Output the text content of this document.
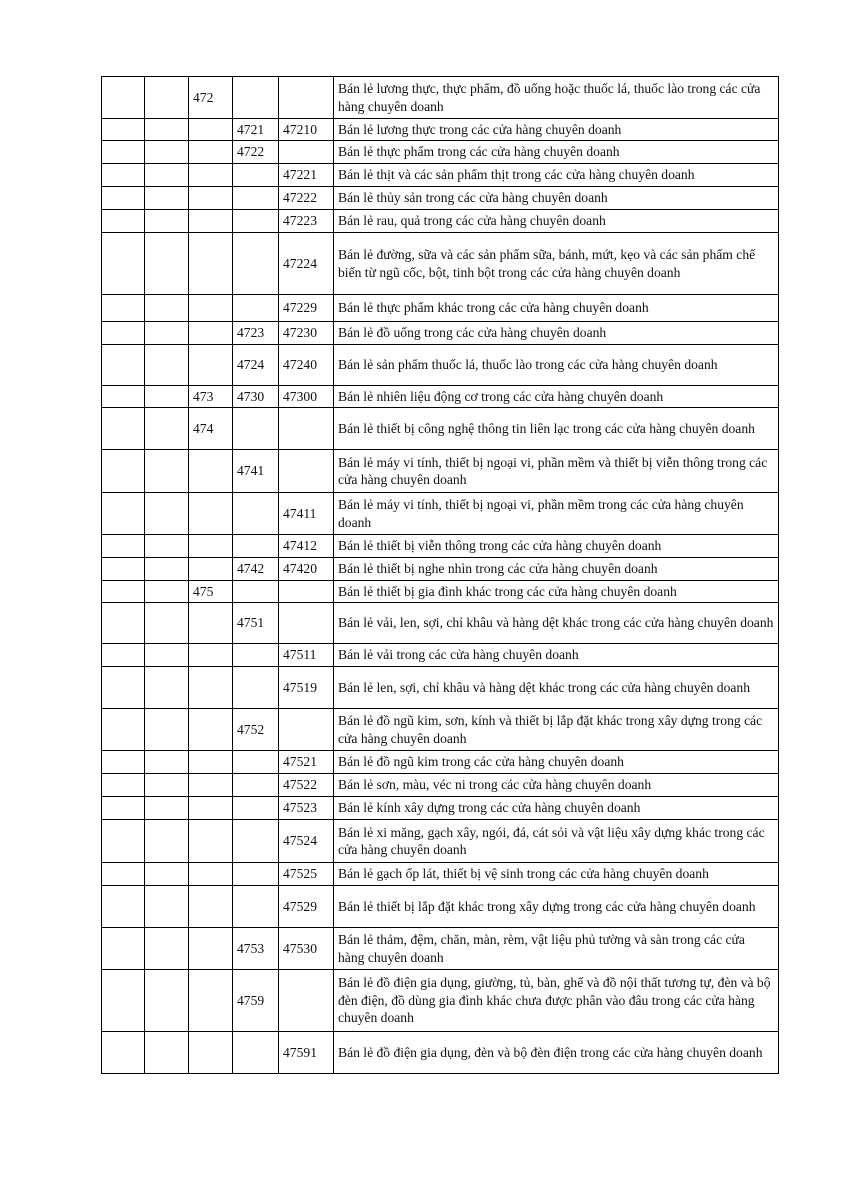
		472			Bán lẻ lương thực, thực phẩm, đồ uống hoặc thuốc lá, thuốc lào trong các cửa hàng chuyên doanh
			4721	47210	Bán lẻ lương thực trong các cửa hàng chuyên doanh
			4722		Bán lẻ thực phẩm trong các cửa hàng chuyên doanh
				47221	Bán lẻ thịt và các sản phẩm thịt trong các cửa hàng chuyên doanh
				47222	Bán lẻ thủy sản trong các cửa hàng chuyên doanh
				47223	Bán lẻ rau, quả trong các cửa hàng chuyên doanh
				47224	Bán lẻ đường, sữa và các sản phẩm sữa, bánh, mứt, kẹo và các sản phẩm chế biến từ ngũ cốc, bột, tinh bột trong các cửa hàng chuyên doanh
				47229	Bán lẻ thực phẩm khác trong các cửa hàng chuyên doanh
			4723	47230	Bán lẻ đồ uống trong các cửa hàng chuyên doanh
			4724	47240	Bán lẻ sản phẩm thuốc lá, thuốc lào trong các cửa hàng chuyên doanh
		473	4730	47300	Bán lẻ nhiên liệu động cơ trong các cửa hàng chuyên doanh
		474			Bán lẻ thiết bị công nghệ thông tin liên lạc trong các cửa hàng chuyên doanh
			4741		Bán lẻ máy vi tính, thiết bị ngoại vi, phần mềm và thiết bị viễn thông trong các cửa hàng chuyên doanh
				47411	Bán lẻ máy vi tính, thiết bị ngoại vi, phần mềm trong các cửa hàng chuyên doanh
				47412	Bán lẻ thiết bị viễn thông trong các cửa hàng chuyên doanh
			4742	47420	Bán lẻ thiết bị nghe nhìn trong các cửa hàng chuyên doanh
		475			Bán lẻ thiết bị gia đình khác trong các cửa hàng chuyên doanh
			4751		Bán lẻ vải, len, sợi, chỉ khâu và hàng dệt khác trong các cửa hàng chuyên doanh
				47511	Bán lẻ vải trong các cửa hàng chuyên doanh
				47519	Bán lẻ len, sợi, chỉ khâu và hàng dệt khác trong các cửa hàng chuyên doanh
			4752		Bán lẻ đồ ngũ kim, sơn, kính và thiết bị lắp đặt khác trong xây dựng trong các cửa hàng chuyên doanh
				47521	Bán lẻ đồ ngũ kim trong các cửa hàng chuyên doanh
				47522	Bán lẻ sơn, màu, véc ni trong các cửa hàng chuyên doanh
				47523	Bán lẻ kính xây dựng trong các cửa hàng chuyên doanh
				47524	Bán lẻ xi măng, gạch xây, ngói, đá, cát sỏi và vật liệu xây dựng khác trong các cửa hàng chuyên doanh
				47525	Bán lẻ gạch ốp lát, thiết bị vệ sinh trong các cửa hàng chuyên doanh
				47529	Bán lẻ thiết bị lắp đặt khác trong xây dựng trong các cửa hàng chuyên doanh
			4753	47530	Bán lẻ thảm, đệm, chăn, màn, rèm, vật liệu phủ tường và sàn trong các cửa hàng chuyên doanh
			4759		Bán lẻ đồ điện gia dụng, giường, tủ, bàn, ghế và đồ nội thất tương tự, đèn và bộ đèn điện, đồ dùng gia đình khác chưa được phân vào đâu trong các cửa hàng chuyên doanh
				47591	Bán lẻ đồ điện gia dụng, đèn và bộ đèn điện trong các cửa hàng chuyên doanh
